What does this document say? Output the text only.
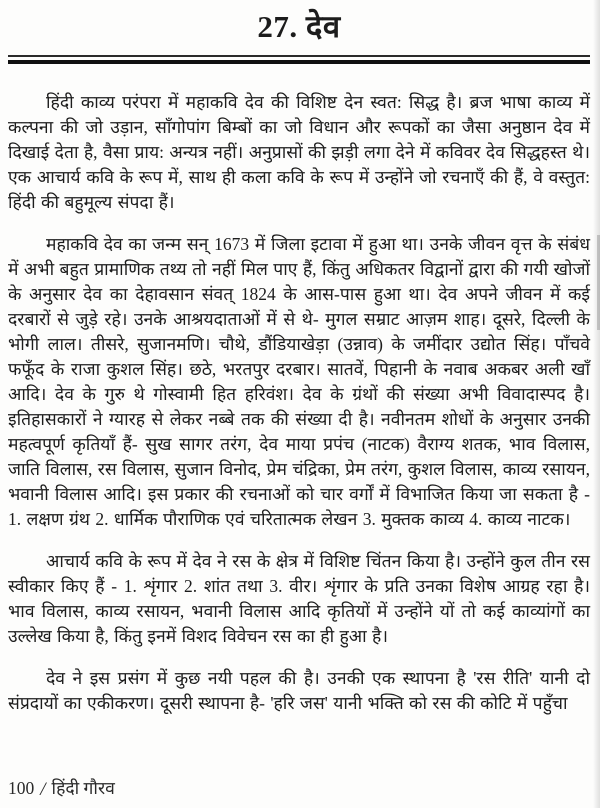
27. देव

हिंदी काव्य परंपरा में महाकवि देव की विशिष्ट देन स्वत: सिद्ध है। ब्रज भाषा काव्य में कल्पना की जो उड़ान, साँगोपांग बिम्बों का जो विधान और रूपकों का जैसा अनुष्ठान देव में दिखाई देता है, वैसा प्राय: अन्यत्र नहीं। अनुप्रासों की झड़ी लगा देने में कविवर देव सिद्धहस्त थे। एक आचार्य कवि के रूप में, साथ ही कला कवि के रूप में उन्होंने जो रचनाएँ की हैं, वे वस्तुत: हिंदी की बहुमूल्य संपदा हैं।

महाकवि देव का जन्म सन् 1673 में जिला इटावा में हुआ था। उनके जीवन वृत्त के संबंध में अभी बहुत प्रामाणिक तथ्य तो नहीं मिल पाए हैं, किंतु अधिकतर विद्वानों द्वारा की गयी खोजों के अनुसार देव का देहावसान संवत् 1824 के आस-पास हुआ था। देव अपने जीवन में कई दरबारों से जुड़े रहे। उनके आश्रयदाताओं में से थे- मुगल सम्राट आज़म शाह। दूसरे, दिल्ली के भोगी लाल। तीसरे, सुजानमणि। चौथे, डौंडियाखेड़ा (उन्नाव) के जमींदार उद्योत सिंह। पाँचवे फफूँद के राजा कुशल सिंह। छठे, भरतपुर दरबार। सातवें, पिहानी के नवाब अकबर अली खाँ आदि। देव के गुरु थे गोस्वामी हित हरिवंश। देव के ग्रंथों की संख्या अभी विवादास्पद है। इतिहासकारों ने ग्यारह से लेकर नब्बे तक की संख्या दी है। नवीनतम शोधों के अनुसार उनकी महत्वपूर्ण कृतियाँ हैं- सुख सागर तरंग, देव माया प्रपंच (नाटक) वैराग्य शतक, भाव विलास, जाति विलास, रस विलास, सुजान विनोद, प्रेम चंद्रिका, प्रेम तरंग, कुशल विलास, काव्य रसायन, भवानी विलास आदि। इस प्रकार की रचनाओं को चार वर्गों में विभाजित किया जा सकता है - 1. लक्षण ग्रंथ 2. धार्मिक पौराणिक एवं चरितात्मक लेखन 3. मुक्तक काव्य 4. काव्य नाटक।

आचार्य कवि के रूप में देव ने रस के क्षेत्र में विशिष्ट चिंतन किया है। उन्होंने कुल तीन रस स्वीकार किए हैं - 1. शृंगार 2. शांत तथा 3. वीर। शृंगार के प्रति उनका विशेष आग्रह रहा है। भाव विलास, काव्य रसायन, भवानी विलास आदि कृतियों में उन्होंने यों तो कई काव्यांगों का उल्लेख किया है, किंतु इनमें विशद विवेचन रस का ही हुआ है।

देव ने इस प्रसंग में कुछ नयी पहल की है। उनकी एक स्थापना है 'रस रीति' यानी दो संप्रदायों का एकीकरण। दूसरी स्थापना है- 'हरि जस' यानी भक्ति को रस की कोटि में पहुँचा

100 / हिंदी गौरव
